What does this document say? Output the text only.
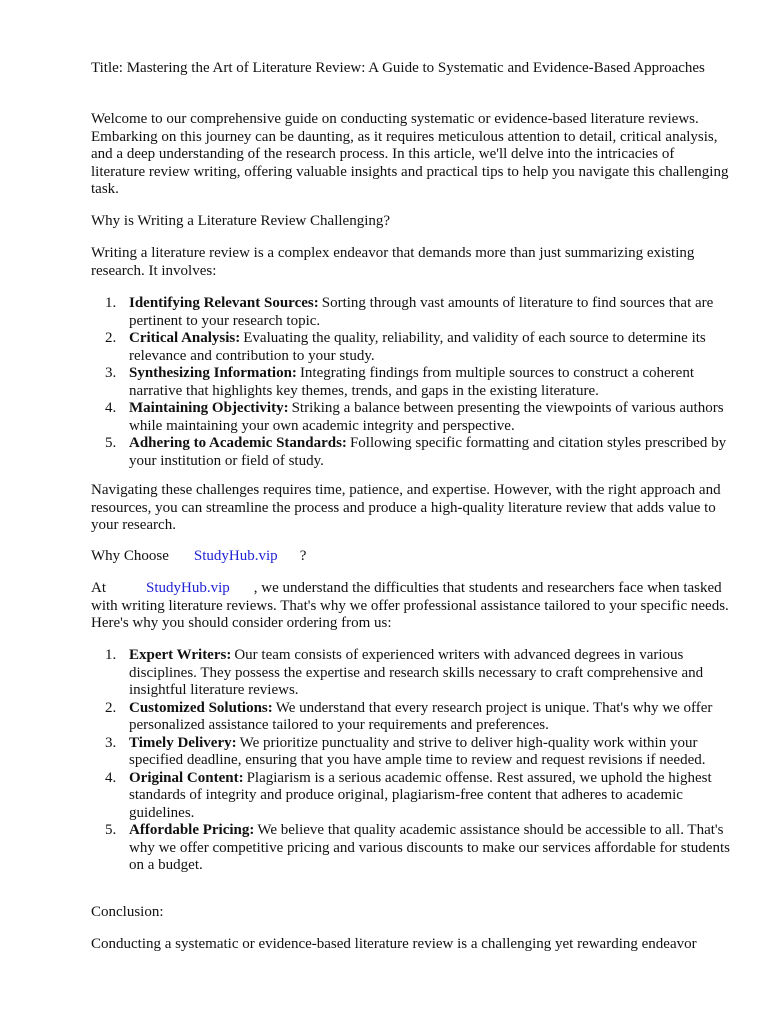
Title: Mastering the Art of Literature Review: A Guide to Systematic and Evidence-Based Approaches

Welcome to our comprehensive guide on conducting systematic or evidence-based literature reviews. Embarking on this journey can be daunting, as it requires meticulous attention to detail, critical analysis, and a deep understanding of the research process. In this article, we'll delve into the intricacies of literature review writing, offering valuable insights and practical tips to help you navigate this challenging task.

Why is Writing a Literature Review Challenging?

Writing a literature review is a complex endeavor that demands more than just summarizing existing research. It involves:

1. Identifying Relevant Sources: Sorting through vast amounts of literature to find sources that are pertinent to your research topic.
2. Critical Analysis: Evaluating the quality, reliability, and validity of each source to determine its relevance and contribution to your study.
3. Synthesizing Information: Integrating findings from multiple sources to construct a coherent narrative that highlights key themes, trends, and gaps in the existing literature.
4. Maintaining Objectivity: Striking a balance between presenting the viewpoints of various authors while maintaining your own academic integrity and perspective.
5. Adhering to Academic Standards: Following specific formatting and citation styles prescribed by your institution or field of study.

Navigating these challenges requires time, patience, and expertise. However, with the right approach and resources, you can streamline the process and produce a high-quality literature review that adds value to your research.

Why Choose StudyHub.vip ?

At	StudyHub.vip , we understand the difficulties that students and researchers face when tasked with writing literature reviews. That's why we offer professional assistance tailored to your specific needs. Here's why you should consider ordering from us:

1. Expert Writers: Our team consists of experienced writers with advanced degrees in various disciplines. They possess the expertise and research skills necessary to craft comprehensive and insightful literature reviews.
2. Customized Solutions: We understand that every research project is unique. That's why we offer personalized assistance tailored to your requirements and preferences.
3. Timely Delivery: We prioritize punctuality and strive to deliver high-quality work within your specified deadline, ensuring that you have ample time to review and request revisions if needed.
4. Original Content: Plagiarism is a serious academic offense. Rest assured, we uphold the highest standards of integrity and produce original, plagiarism-free content that adheres to academic guidelines.
5. Affordable Pricing: We believe that quality academic assistance should be accessible to all. That's why we offer competitive pricing and various discounts to make our services affordable for students on a budget.

Conclusion:

Conducting a systematic or evidence-based literature review is a challenging yet rewarding endeavor
